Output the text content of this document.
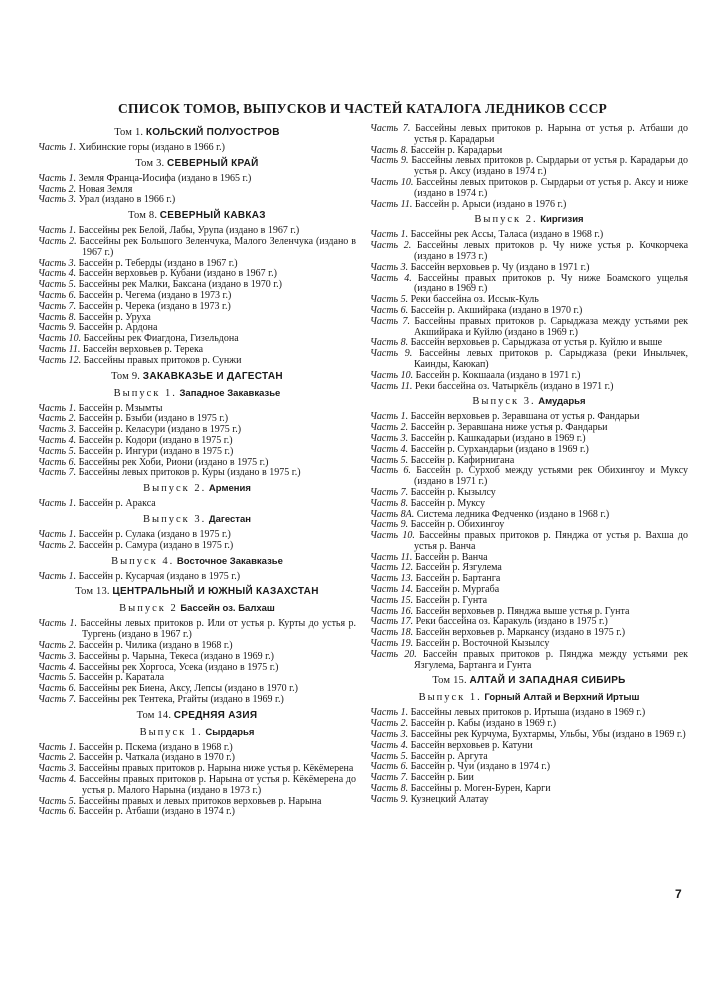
СПИСОК ТОМОВ, ВЫПУСКОВ И ЧАСТЕЙ КАТАЛОГА ЛЕДНИКОВ СССР
Том 1. КОЛЬСКИЙ ПОЛУОСТРОВ
Часть 1. Хибинские горы (издано в 1966 г.)
Том 3. СЕВЕРНЫЙ КРАЙ
Часть 1. Земля Франца-Иосифа (издано в 1965 г.)
Часть 2. Новая Земля
Часть 3. Урал (издано в 1966 г.)
Том 8. СЕВЕРНЫЙ КАВКАЗ
Часть 1. Бассейны рек Белой, Лабы, Урупа (издано в 1967 г.)
Часть 2. Бассейны рек Большого Зеленчука, Малого Зеленчука (издано в 1967 г.)
Часть 3. Бассейн р. Теберды (издано в 1967 г.)
Часть 4. Бассейн верховьев р. Кубани (издано в 1967 г.)
Часть 5. Бассейны рек Малки, Баксана (издано в 1970 г.)
Часть 6. Бассейн р. Чегема (издано в 1973 г.)
Часть 7. Бассейн р. Черека (издано в 1973 г.)
Часть 8. Бассейн р. Уруха
Часть 9. Бассейн р. Ардона
Часть 10. Бассейны рек Фиагдона, Гизельдона
Часть 11. Бассейн верховьев р. Терека
Часть 12. Бассейны правых притоков р. Сунжи
Том 9. ЗАКАВКАЗЬЕ И ДАГЕСТАН
Выпуск 1. Западное Закавказье
Часть 1. Бассейн р. Мзымты
Часть 2. Бассейн р. Бзыби (издано в 1975 г.)
Часть 3. Бассейн р. Келасури (издано в 1975 г.)
Часть 4. Бассейн р. Кодори (издано в 1975 г.)
Часть 5. Бассейн р. Ингури (издано в 1975 г.)
Часть 6. Бассейны рек Хоби, Риони (издано в 1975 г.)
Часть 7. Бассейны левых притоков р. Куры (издано в 1975 г.)
Выпуск 2. Армения
Часть 1. Бассейн р. Аракса
Выпуск 3. Дагестан
Часть 1. Бассейн р. Сулака (издано в 1975 г.)
Часть 2. Бассейн р. Самура (издано в 1975 г.)
Выпуск 4. Восточное Закавказье
Часть 1. Бассейн р. Кусарчая (издано в 1975 г.)
Том 13. ЦЕНТРАЛЬНЫЙ И ЮЖНЫЙ КАЗАХСТАН
Выпуск 2 Бассейн оз. Балхаш
Часть 1. Бассейны левых притоков р. Или от устья р. Курты до устья р. Тургень (издано в 1967 г.)
Часть 2. Бассейн р. Чилика (издано в 1968 г.)
Часть 3. Бассейны р. Чарына, Текеса (издано в 1969 г.)
Часть 4. Бассейны рек Хоргоса, Усека (издано в 1975 г.)
Часть 5. Бассейн р. Каратала
Часть 6. Бассейны рек Биена, Аксу, Лепсы (издано в 1970 г.)
Часть 7. Бассейны рек Тентека, Ргайты (издано в 1969 г.)
Том 14. СРЕДНЯЯ АЗИЯ
Выпуск 1. Сырдарья
Часть 1. Бассейн р. Пскема (издано в 1968 г.)
Часть 2. Бассейн р. Чаткала (издано в 1970 г.)
Часть 3. Бассейны правых притоков р. Нарына ниже устья р. Кёкёмерена
Часть 4. Бассейны правых притоков р. Нарына от устья р. Кёкёмерена до устья р. Малого Нарына (издано в 1973 г.)
Часть 5. Бассейны правых и левых притоков верховьев р. Нарына
Часть 6. Бассейн р. Атбаши (издано в 1974 г.)
Часть 7. Бассейны левых притоков р. Нарына от устья р. Атбаши до устья р. Карадарьи
Часть 8. Бассейн р. Карадарьи
Часть 9. Бассейны левых притоков р. Сырдарьи от устья р. Карадарьи до устья р. Аксу (издано в 1974 г.)
Часть 10. Бассейны левых притоков р. Сырдарьи от устья р. Аксу и ниже (издано в 1974 г.)
Часть 11. Бассейн р. Арыси (издано в 1976 г.)
Выпуск 2. Киргизия
Часть 1. Бассейны рек Ассы, Таласа (издано в 1968 г.)
Часть 2. Бассейны левых притоков р. Чу ниже устья р. Кочкорчека (издано в 1973 г.)
Часть 3. Бассейн верховьев р. Чу (издано в 1971 г.)
Часть 4. Бассейны правых притоков р. Чу ниже Боамского ущелья (издано в 1969 г.)
Часть 5. Реки бассейна оз. Иссык-Куль
Часть 6. Бассейн р. Акшийрака (издано в 1970 г.)
Часть 7. Бассейны правых притоков р. Сарыджаза между устьями рек Акшийрака и Куйлю (издано в 1969 г.)
Часть 8. Бассейн верховьев р. Сарыджаза от устья р. Куйлю и выше
Часть 9. Бассейны левых притоков р. Сарыджаза (реки Иныльчек, Каинды, Каюкап)
Часть 10. Бассейн р. Кокшаала (издано в 1971 г.)
Часть 11. Реки бассейна оз. Чатыркёль (издано в 1971 г.)
Выпуск 3. Амударья
Часть 1. Бассейн верховьев р. Зеравшана от устья р. Фандарьи
Часть 2. Бассейн р. Зеравшана ниже устья р. Фандарьи
Часть 3. Бассейн р. Кашкадарьи (издано в 1969 г.)
Часть 4. Бассейн р. Сурхандарьи (издано в 1969 г.)
Часть 5. Бассейн р. Кафирнигана
Часть 6. Бассейн р. Сурхоб между устьями рек Обихингоу и Муксу (издано в 1971 г.)
Часть 7. Бассейн р. Кызылсу
Часть 8. Бассейн р. Муксу
Часть 8А. Система ледника Федченко (издано в 1968 г.)
Часть 9. Бассейн р. Обихингоу
Часть 10. Бассейны правых притоков р. Пянджа от устья р. Вахша до устья р. Ванча
Часть 11. Бассейн р. Ванча
Часть 12. Бассейн р. Язгулема
Часть 13. Бассейн р. Бартанга
Часть 14. Бассейн р. Мургаба
Часть 15. Бассейн р. Гунта
Часть 16. Бассейн верховьев р. Пянджа выше устья р. Гунта
Часть 17. Реки бассейна оз. Каракуль (издано в 1975 г.)
Часть 18. Бассейн верховьев р. Маркансу (издано в 1975 г.)
Часть 19. Бассейн р. Восточной Кызылсу
Часть 20. Бассейн правых притоков р. Пянджа между устьями рек Язгулема, Бартанга и Гунта
Том 15. АЛТАЙ И ЗАПАДНАЯ СИБИРЬ
Выпуск 1. Горный Алтай и Верхний Иртыш
Часть 1. Бассейны левых притоков р. Иртыша (издано в 1969 г.)
Часть 2. Бассейн р. Кабы (издано в 1969 г.)
Часть 3. Бассейны рек Курчума, Бухтармы, Ульбы, Убы (издано в 1969 г.)
Часть 4. Бассейн верховьев р. Катуни
Часть 5. Бассейн р. Аргута
Часть 6. Бассейн р. Чуи (издано в 1974 г.)
Часть 7. Бассейн р. Бии
Часть 8. Бассейны р. Моген-Бурен, Карги
Часть 9. Кузнецкий Алатау
7
